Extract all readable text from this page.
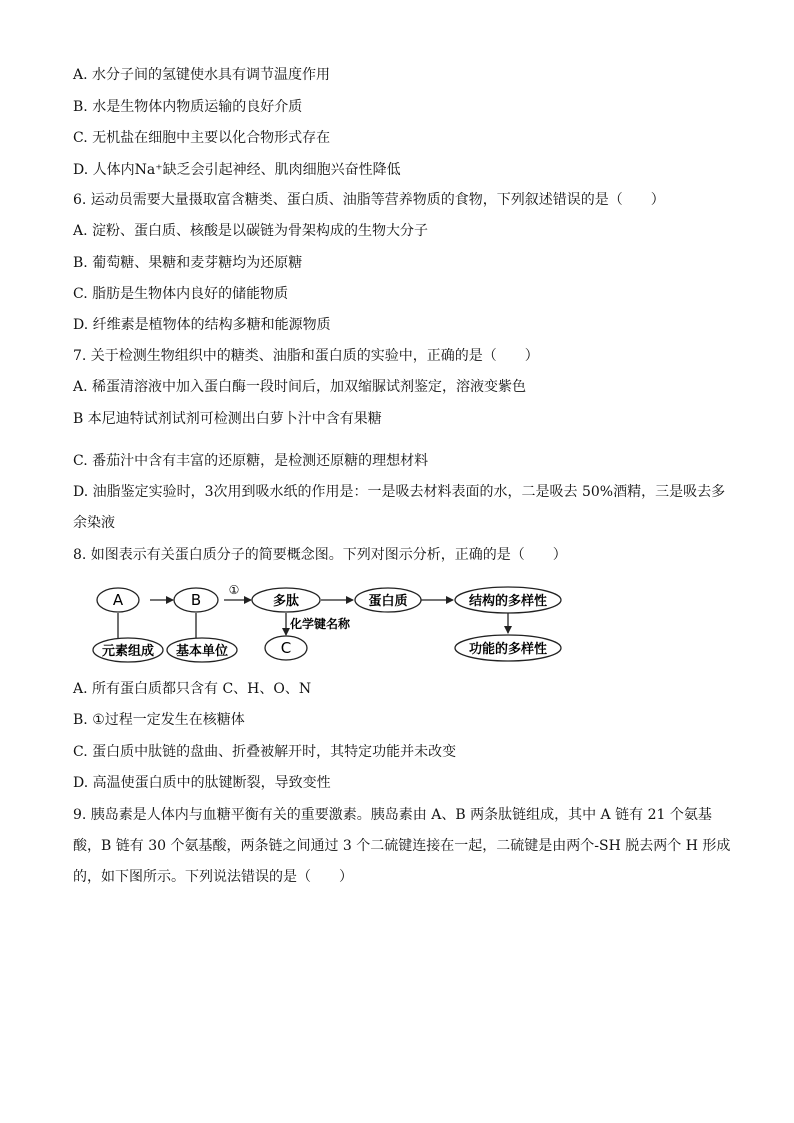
A. 水分子间的氢键使水具有调节温度作用

B. 水是生物体内物质运输的良好介质

C. 无机盐在细胞中主要以化合物形式存在

D. 人体内Na⁺缺乏会引起神经、肌肉细胞兴奋性降低

6. 运动员需要大量摄取富含糖类、蛋白质、油脂等营养物质的食物，下列叙述错误的是（　　）

A. 淀粉、蛋白质、核酸是以碳链为骨架构成的生物大分子

B. 葡萄糖、果糖和麦芽糖均为还原糖

C. 脂肪是生物体内良好的储能物质

D. 纤维素是植物体的结构多糖和能源物质

7. 关于检测生物组织中的糖类、油脂和蛋白质的实验中，正确的是（　　）

A. 稀蛋清溶液中加入蛋白酶一段时间后，加双缩脲试剂鉴定，溶液变紫色

B 本尼迪特试剂试剂可检测出白萝卜汁中含有果糖

C. 番茄汁中含有丰富的还原糖，是检测还原糖的理想材料

D. 油脂鉴定实验时，3次用到吸水纸的作用是：一是吸去材料表面的水，二是吸去 50%酒精，三是吸去多

余染液

8. 如图表示有关蛋白质分子的简要概念图。下列对图示分析，正确的是（　　）

A	B
①
多肽	蛋白质	结构的多样性
元素组成 基本单位
化学键名称
C	功能的多样性

A. 所有蛋白质都只含有 C、H、O、N

B. ①过程一定发生在核糖体

C. 蛋白质中肽链的盘曲、折叠被解开时，其特定功能并未改变

D. 高温使蛋白质中的肽键断裂，导致变性

9. 胰岛素是人体内与血糖平衡有关的重要激素。胰岛素由 A、B 两条肽链组成，其中 A 链有 21 个氨基

酸，B 链有 30 个氨基酸，两条链之间通过 3 个二硫键连接在一起，二硫键是由两个-SH 脱去两个 H 形成

的，如下图所示。下列说法错误的是（　　）
